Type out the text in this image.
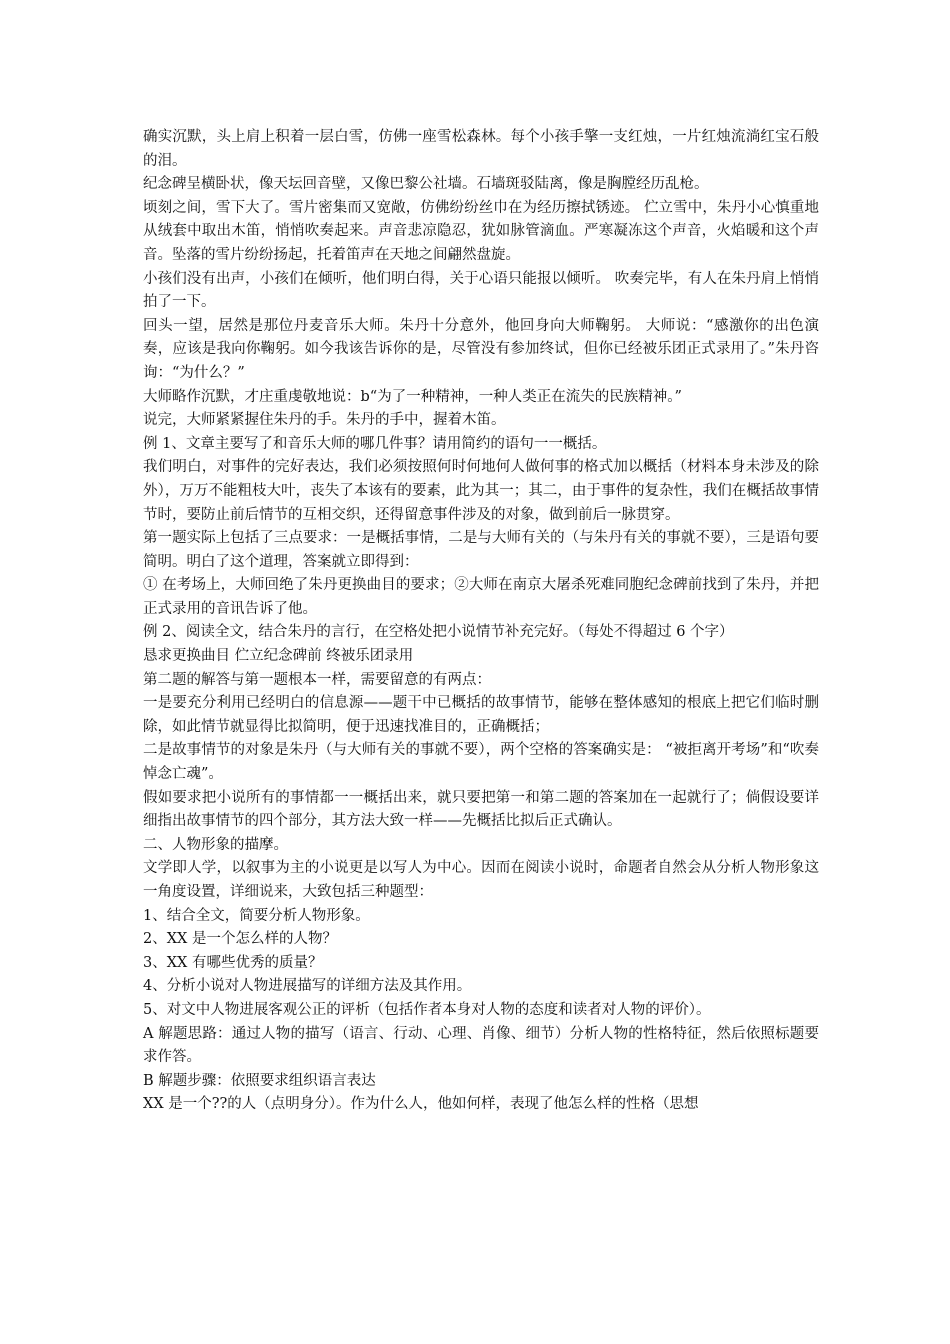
确实沉默，头上肩上积着一层白雪，仿佛一座雪松森林。每个小孩手擎一支红烛，一片红烛流淌红宝石般的泪。

纪念碑呈横卧状，像天坛回音壁，又像巴黎公社墙。石墙斑驳陆离，像是胸膛经历乱枪。

顷刻之间，雪下大了。雪片密集而又宽敞，仿佛纷纷丝巾在为经历擦拭锈迹。 伫立雪中，朱丹小心慎重地从绒套中取出木笛，悄悄吹奏起来。声音悲凉隐忍，犹如脉管滴血。严寒凝冻这个声音，火焰暖和这个声音。坠落的雪片纷纷扬起，托着笛声在天地之间翩然盘旋。

小孩们没有出声，小孩们在倾听，他们明白得，关于心语只能报以倾听。 吹奏完毕，有人在朱丹肩上悄悄拍了一下。

回头一望，居然是那位丹麦音乐大师。朱丹十分意外，他回身向大师鞠躬。 大师说：“感激你的出色演奏，应该是我向你鞠躬。如今我该告诉你的是，尽管没有参加终试，但你已经被乐团正式录用了。”朱丹咨询：“为什么？”

大师略作沉默，才庄重虔敬地说：b“为了一种精神，一种人类正在流失的民族精神。”

说完，大师紧紧握住朱丹的手。朱丹的手中，握着木笛。

例 1、文章主要写了和音乐大师的哪几件事？请用简约的语句一一概括。

我们明白，对事件的完好表达，我们必须按照何时何地何人做何事的格式加以概括（材料本身未涉及的除外），万万不能粗枝大叶，丧失了本该有的要素，此为其一；其二，由于事件的复杂性，我们在概括故事情节时，要防止前后情节的互相交织，还得留意事件涉及的对象，做到前后一脉贯穿。

第一题实际上包括了三点要求：一是概括事情，二是与大师有关的（与朱丹有关的事就不要），三是语句要简明。明白了这个道理，答案就立即得到：

① 在考场上，大师回绝了朱丹更换曲目的要求；②大师在南京大屠杀死难同胞纪念碑前找到了朱丹，并把正式录用的音讯告诉了他。

例 2、阅读全文，结合朱丹的言行，在空格处把小说情节补充完好。（每处不得超过 6 个字）

恳求更换曲目 伫立纪念碑前 终被乐团录用

第二题的解答与第一题根本一样，需要留意的有两点：

一是要充分利用已经明白的信息源——题干中已概括的故事情节，能够在整体感知的根底上把它们临时删除，如此情节就显得比拟简明，便于迅速找准目的，正确概括；

二是故事情节的对象是朱丹（与大师有关的事就不要），两个空格的答案确实是： “被拒离开考场”和“吹奏悼念亡魂”。

假如要求把小说所有的事情都一一概括出来，就只要把第一和第二题的答案加在一起就行了；倘假设要详细指出故事情节的四个部分，其方法大致一样——先概括比拟后正式确认。

二、人物形象的描摩。

文学即人学，以叙事为主的小说更是以写人为中心。因而在阅读小说时，命题者自然会从分析人物形象这一角度设置，详细说来，大致包括三种题型：

1、结合全文，简要分析人物形象。

2、XX 是一个怎么样的人物？

3、XX 有哪些优秀的质量？

4、分析小说对人物进展描写的详细方法及其作用。

5、对文中人物进展客观公正的评析（包括作者本身对人物的态度和读者对人物的评价）。

A 解题思路：通过人物的描写（语言、行动、心理、肖像、细节）分析人物的性格特征，然后依照标题要求作答。

B 解题步骤：依照要求组织语言表达

XX 是一个??的人（点明身分）。作为什么人，他如何样，表现了他怎么样的性格（思想
